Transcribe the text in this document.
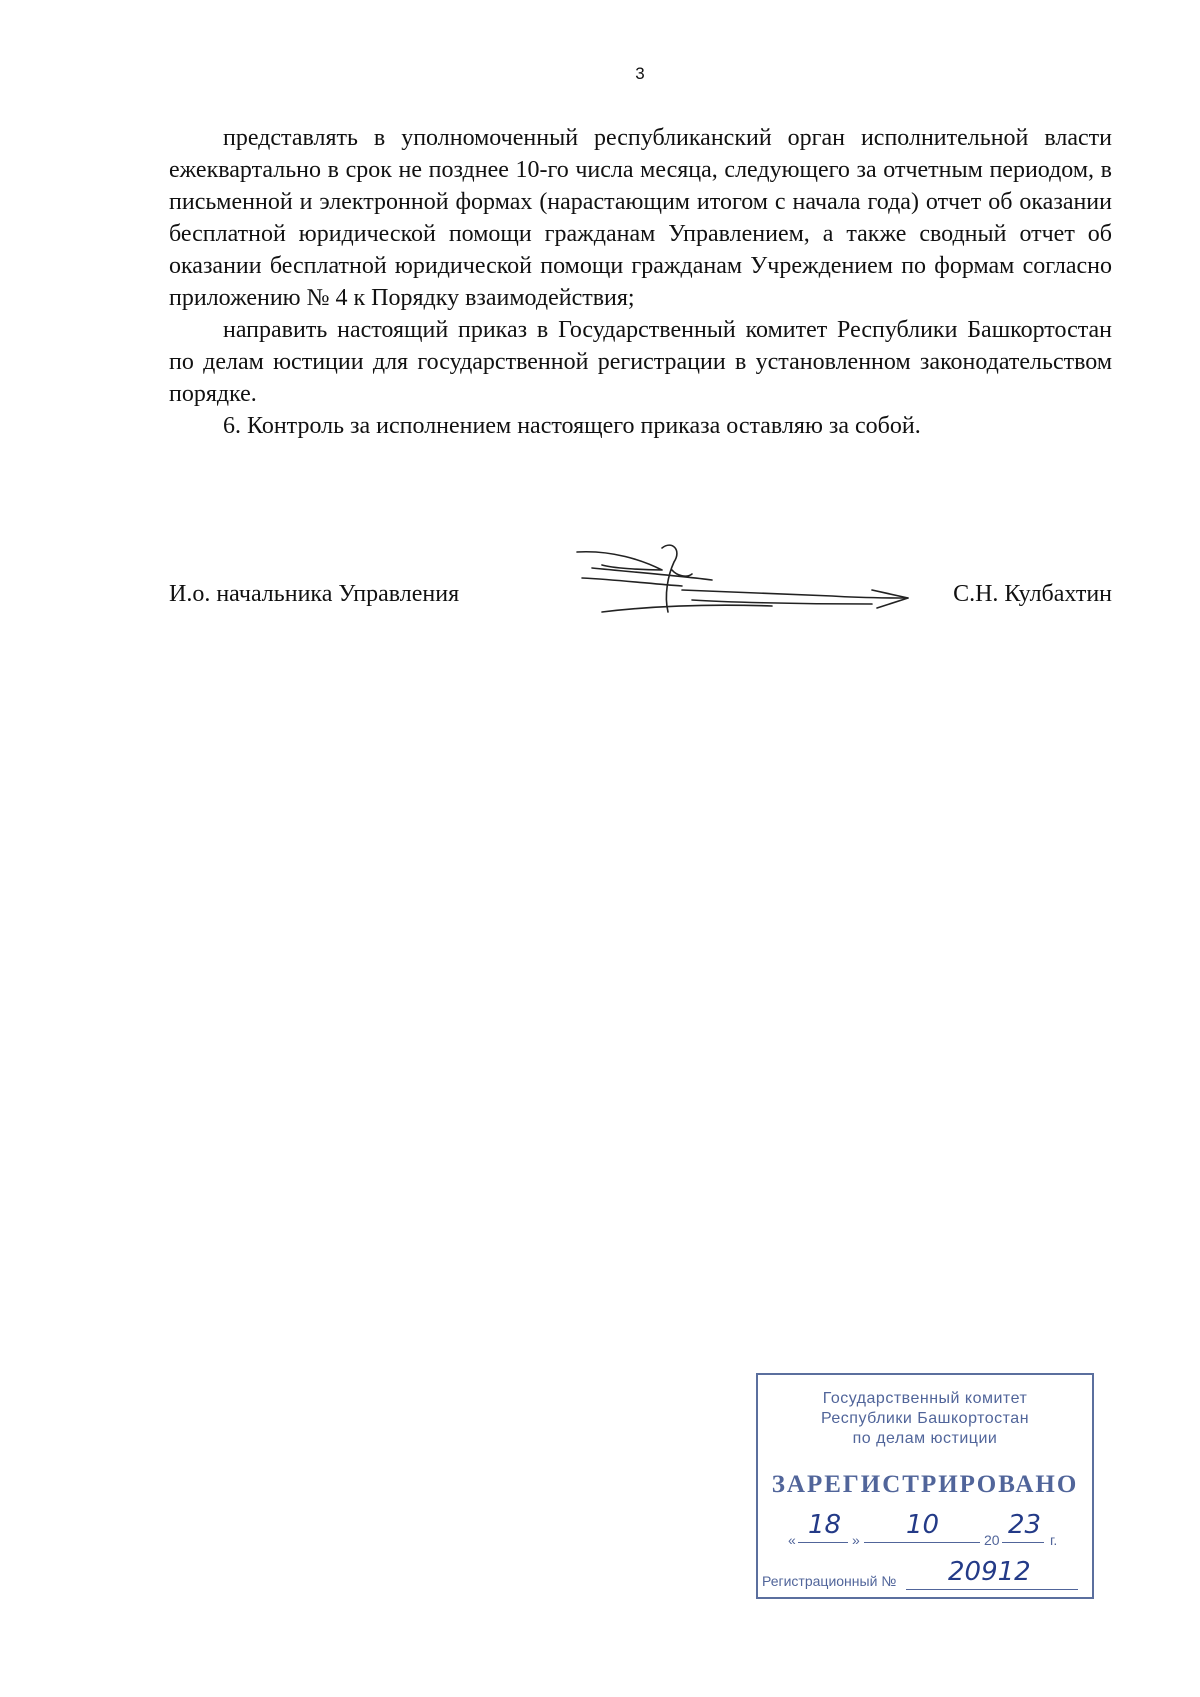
3

представлять в уполномоченный республиканский орган исполнительной власти ежеквартально в срок не позднее 10-го числа месяца, следующего за отчетным периодом, в письменной и электронной формах (нарастающим итогом с начала года) отчет об оказании бесплатной юридической помощи гражданам Управлением, а также сводный отчет об оказании бесплатной юридической помощи гражданам Учреждением по формам согласно приложению № 4 к Порядку взаимодействия;

направить настоящий приказ в Государственный комитет Республики Башкортостан по делам юстиции для государственной регистрации в установленном законодательством порядке.

6. Контроль за исполнением настоящего приказа оставляю за собой.

И.о. начальника Управления	С.Н. Кулбахтин
Государственный комитет
Республики Башкортостан
по делам юстиции
ЗАРЕГИСТРИРОВАНО
« 18 » 10	20 23 г.
Регистрационный № 20912
